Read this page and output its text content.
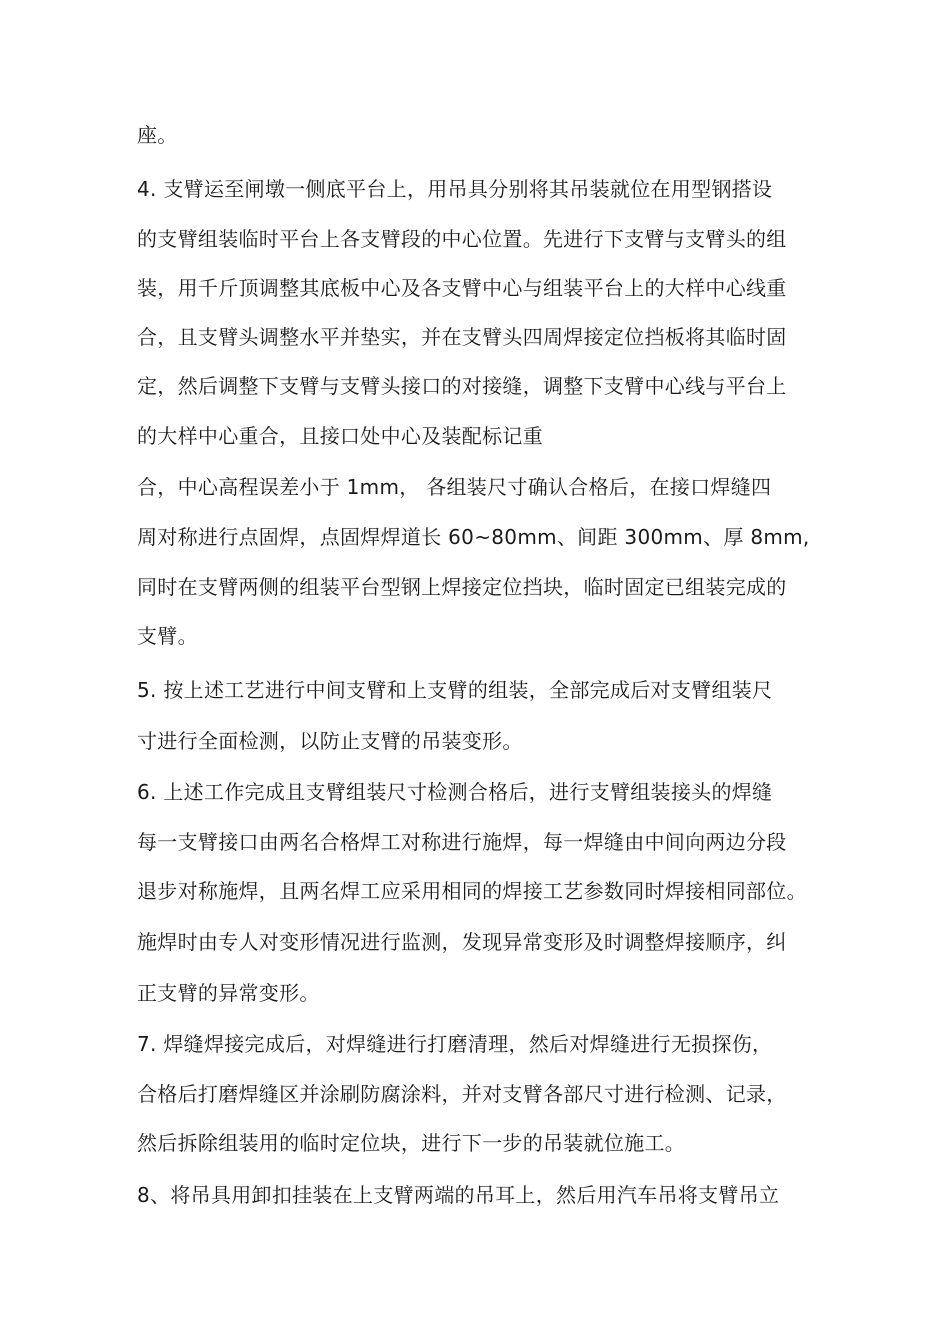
座。
4. 支臂运至闸墩一侧底平台上，用吊具分别将其吊装就位在用型钢搭设
的支臂组装临时平台上各支臂段的中心位置。先进行下支臂与支臂头的组
装，用千斤顶调整其底板中心及各支臂中心与组装平台上的大样中心线重
合，且支臂头调整水平并垫实，并在支臂头四周焊接定位挡板将其临时固
定，然后调整下支臂与支臂头接口的对接缝，调整下支臂中心线与平台上
的大样中心重合，且接口处中心及装配标记重
合，中心高程误差小于 1mm， 各组装尺寸确认合格后，在接口焊缝四
周对称进行点固焊，点固焊焊道长 60~80mm、间距 300mm、厚 8mm,
同时在支臂两侧的组装平台型钢上焊接定位挡块，临时固定已组装完成的
支臂。
5. 按上述工艺进行中间支臂和上支臂的组装，全部完成后对支臂组装尺
寸进行全面检测，以防止支臂的吊装变形。
6. 上述工作完成且支臂组装尺寸检测合格后，进行支臂组装接头的焊缝
每一支臂接口由两名合格焊工对称进行施焊，每一焊缝由中间向两边分段
退步对称施焊，且两名焊工应采用相同的焊接工艺参数同时焊接相同部位。
施焊时由专人对变形情况进行监测，发现异常变形及时调整焊接顺序，纠
正支臂的异常变形。
7. 焊缝焊接完成后，对焊缝进行打磨清理，然后对焊缝进行无损探伤，
合格后打磨焊缝区并涂刷防腐涂料，并对支臂各部尺寸进行检测、记录，
然后拆除组装用的临时定位块，进行下一步的吊装就位施工。
8、将吊具用卸扣挂装在上支臂两端的吊耳上，然后用汽车吊将支臂吊立
